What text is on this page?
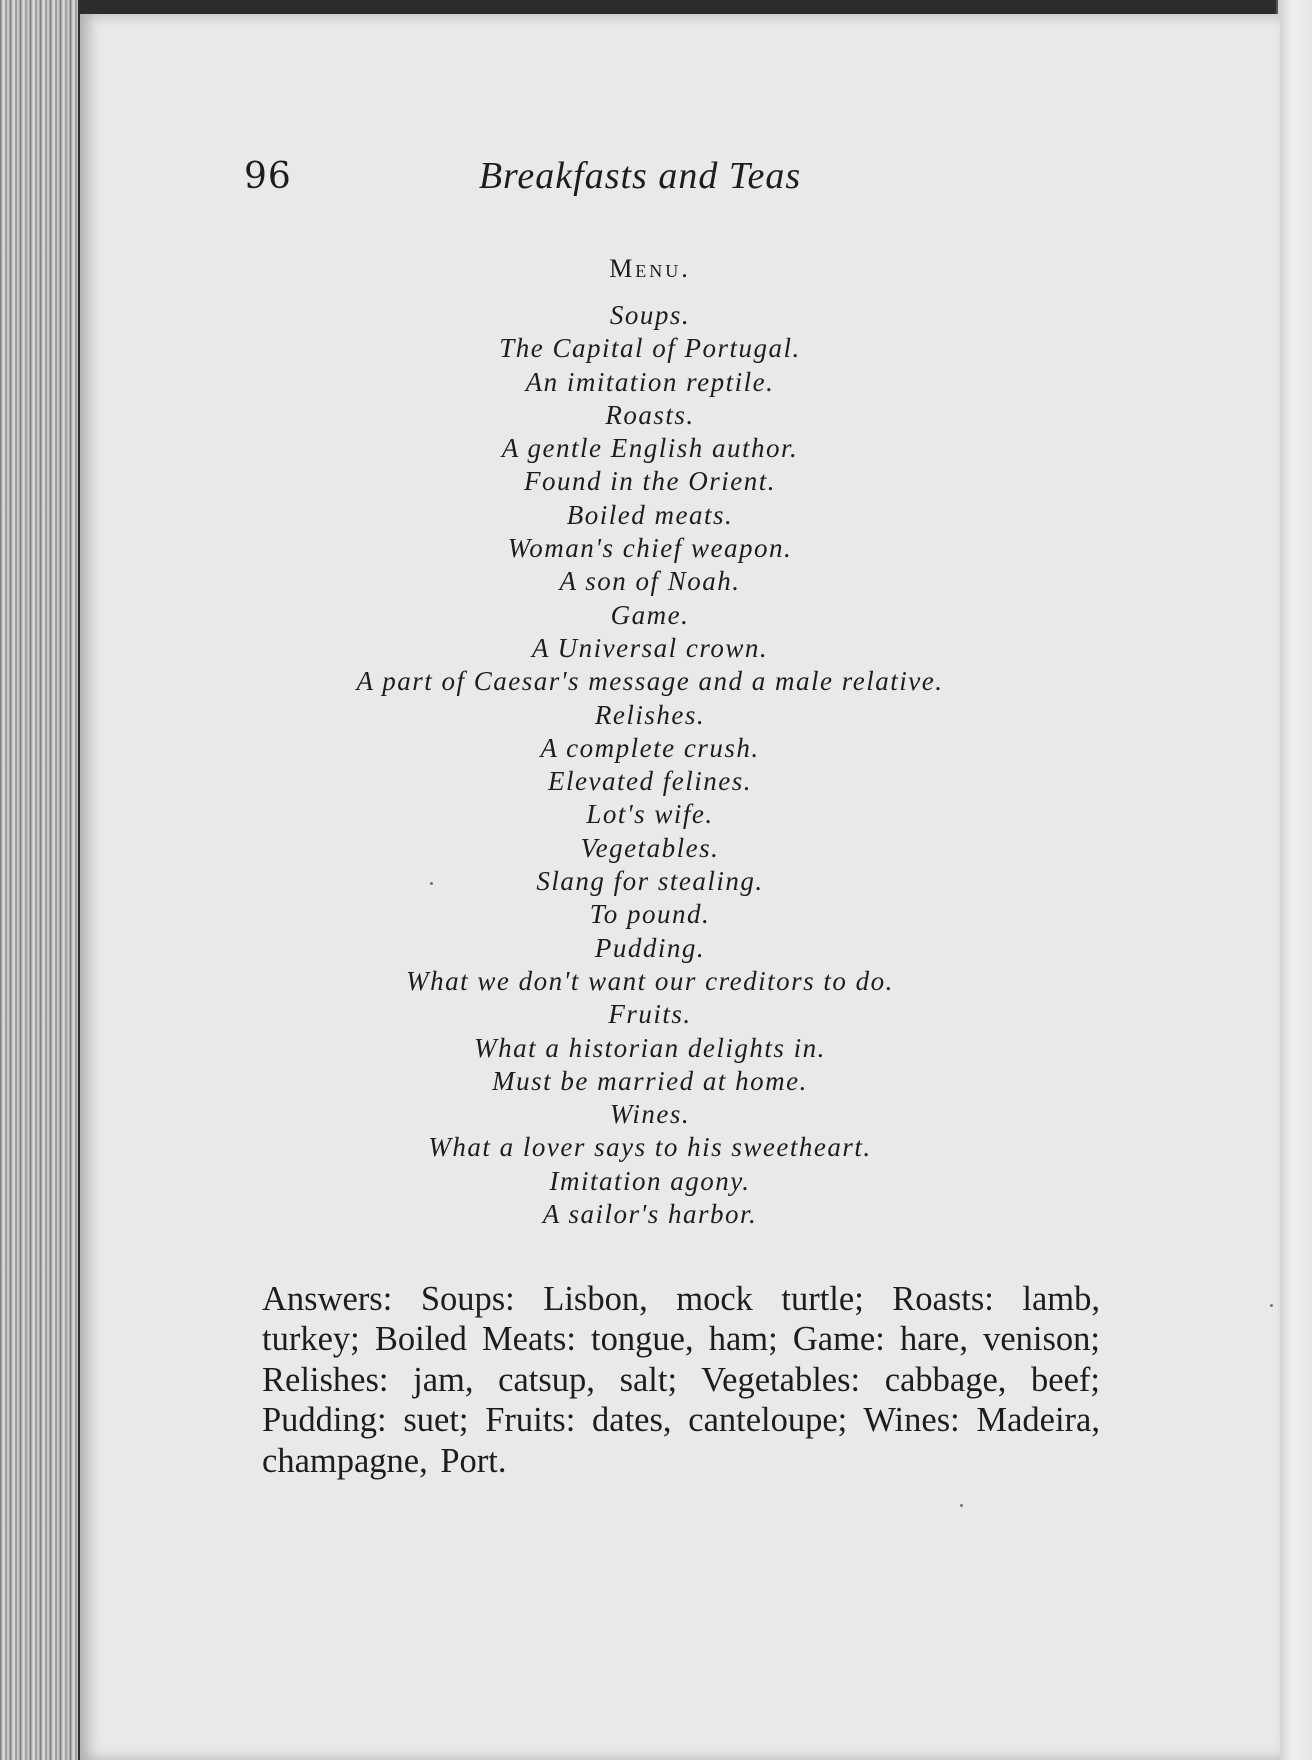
96	Breakfasts and Teas
Menu.
Soups.
The Capital of Portugal.
An imitation reptile.
Roasts.
A gentle English author.
Found in the Orient.
Boiled meats.
Woman's chief weapon.
A son of Noah.
Game.
A Universal crown.
A part of Caesar's message and a male relative.
Relishes.
A complete crush.
Elevated felines.
Lot's wife.
Vegetables.
Slang for stealing.
To pound.
Pudding.
What we don't want our creditors to do.
Fruits.
What a historian delights in.
Must be married at home.
Wines.
What a lover says to his sweetheart.
Imitation agony.
A sailor's harbor.

Answers: Soups: Lisbon, mock turtle; Roasts: lamb, turkey; Boiled Meats: tongue, ham; Game: hare, venison; Relishes: jam, catsup, salt; Vegetables: cabbage, beef; Pudding: suet; Fruits: dates, canteloupe; Wines: Madeira, champagne, Port.
